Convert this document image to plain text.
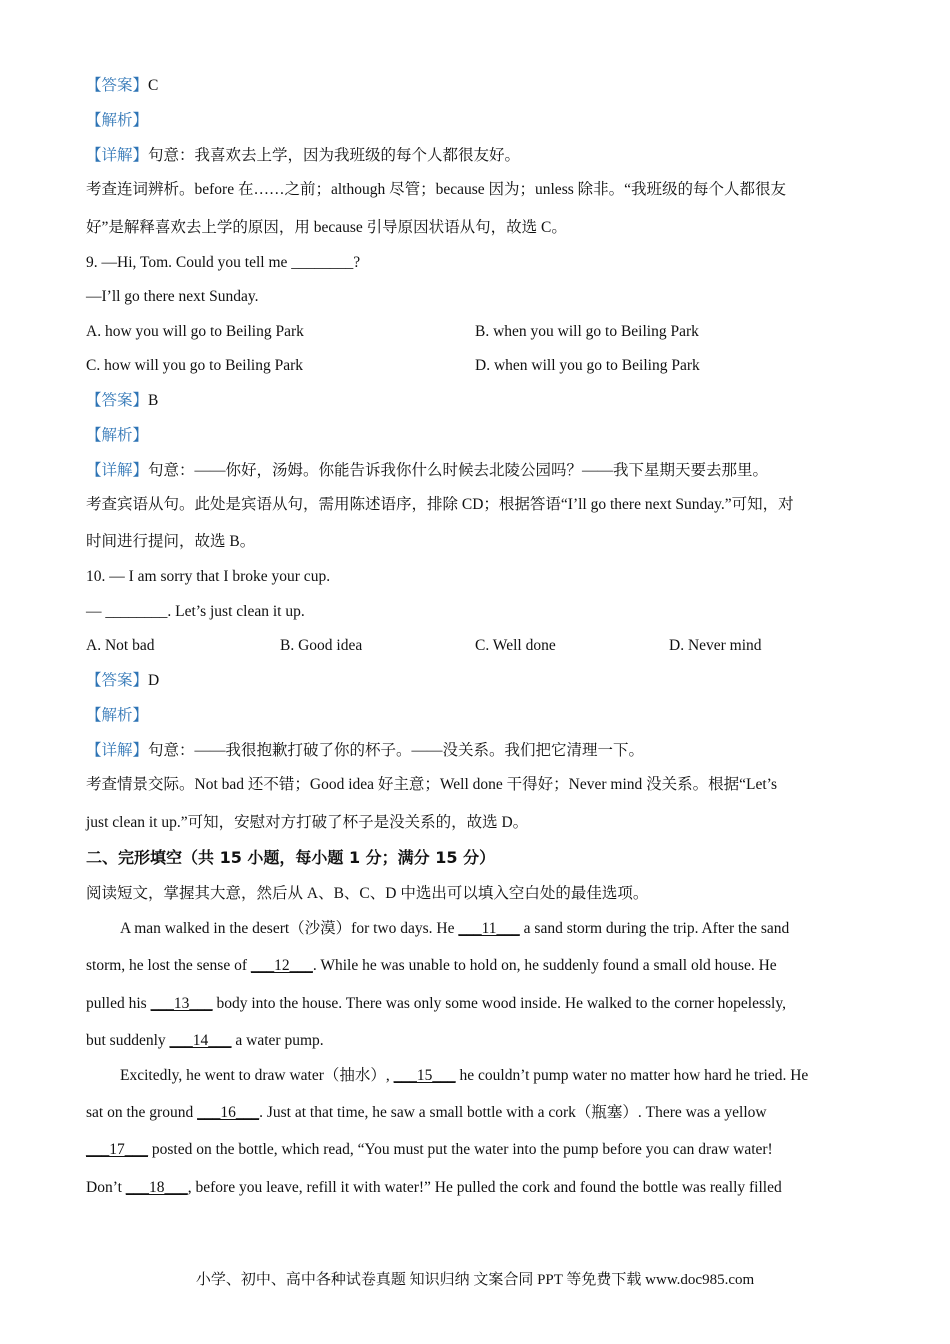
【答案】C
【解析】
【详解】句意：我喜欢去上学，因为我班级的每个人都很友好。
考查连词辨析。before 在……之前；although 尽管；because 因为；unless 除非。“我班级的每个人都很友
好”是解释喜欢去上学的原因，用 because 引导原因状语从句，故选 C。
9. —Hi, Tom. Could you tell me ________?
—I’ll go there next Sunday.
A. how you will go to Beiling Park	B. when you will go to Beiling Park
C. how will you go to Beiling Park	D. when will you go to Beiling Park
【答案】B
【解析】
【详解】句意：——你好，汤姆。你能告诉我你什么时候去北陵公园吗？——我下星期天要去那里。
考查宾语从句。此处是宾语从句，需用陈述语序，排除 CD；根据答语“I’ll go there next Sunday.”可知，对
时间进行提问，故选 B。
10. — I am sorry that I broke your cup.
— ________. Let’s just clean it up.
A. Not bad	B. Good idea	C. Well done	D. Never mind
【答案】D
【解析】
【详解】句意：——我很抱歉打破了你的杯子。——没关系。我们把它清理一下。
考查情景交际。Not bad 还不错；Good idea 好主意；Well done 干得好；Never mind 没关系。根据“Let’s
just clean it up.”可知，安慰对方打破了杯子是没关系的，故选 D。
二、完形填空（共 15 小题，每小题 1 分；满分 15 分）
阅读短文，掌握其大意，然后从 A、B、C、D 中选出可以填入空白处的最佳选项。
A man walked in the desert（沙漠）for two days. He ___11___ a sand storm during the trip. After the sand
storm, he lost the sense of ___12___. While he was unable to hold on, he suddenly found a small old house. He
pulled his ___13___ body into the house. There was only some wood inside. He walked to the corner hopelessly,
but suddenly ___14___ a water pump.
Excitedly, he went to draw water（抽水）, ___15___ he couldn’t pump water no matter how hard he tried. He
sat on the ground ___16___. Just at that time, he saw a small bottle with a cork（瓶塞）. There was a yellow
___17___ posted on the bottle, which read, “You must put the water into the pump before you can draw water!
Don’t ___18___, before you leave, refill it with water!” He pulled the cork and found the bottle was really filled
小学、初中、高中各种试卷真题 知识归纳 文案合同 PPT 等免费下载 www.doc985.com
